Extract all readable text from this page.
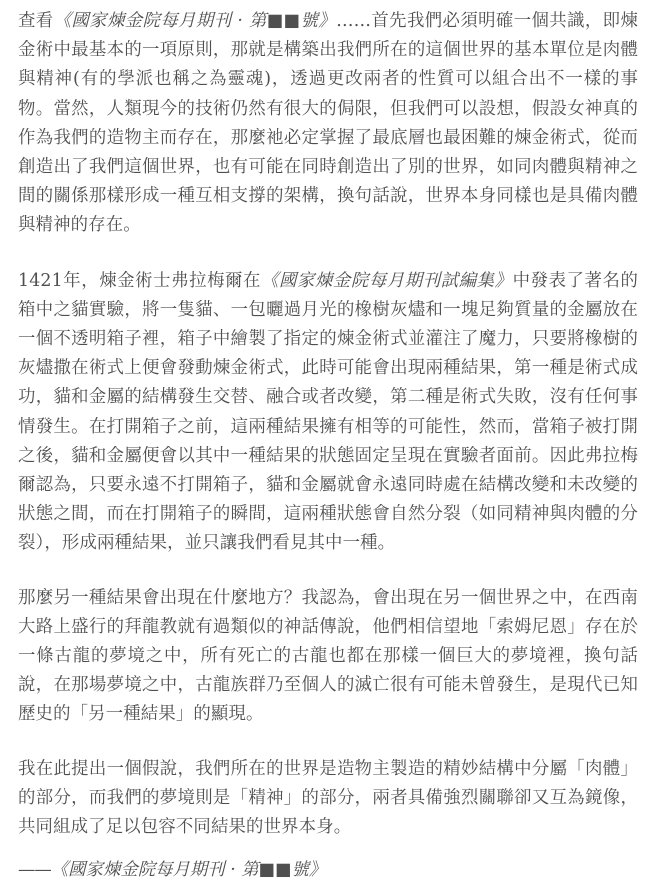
查看《國家煉金院每月期刊 · 第■■號》……首先我們必須明確一個共識，即煉金術中最基本的一項原則，那就是構築出我們所在的這個世界的基本單位是肉體與精神(有的學派也稱之為靈魂)，透過更改兩者的性質可以組合出不一樣的事物。當然，人類現今的技術仍然有很大的侷限，但我們可以設想，假設女神真的作為我們的造物主而存在，那麼祂必定掌握了最底層也最困難的煉金術式，從而創造出了我們這個世界，也有可能在同時創造出了別的世界，如同肉體與精神之間的關係那樣形成一種互相支撐的架構，換句話說，世界本身同樣也是具備肉體與精神的存在。

1421年，煉金術士弗拉梅爾在《國家煉金院每月期刊試編集》中發表了著名的箱中之貓實驗，將一隻貓、一包曬過月光的橡樹灰燼和一塊足夠質量的金屬放在一個不透明箱子裡，箱子中繪製了指定的煉金術式並灌注了魔力，只要將橡樹的灰燼撒在術式上便會發動煉金術式，此時可能會出現兩種結果，第一種是術式成功，貓和金屬的結構發生交替、融合或者改變，第二種是術式失敗，沒有任何事情發生。在打開箱子之前，這兩種結果擁有相等的可能性，然而，當箱子被打開之後，貓和金屬便會以其中一種結果的狀態固定呈現在實驗者面前。因此弗拉梅爾認為，只要永遠不打開箱子，貓和金屬就會永遠同時處在結構改變和未改變的狀態之間，而在打開箱子的瞬間，這兩種狀態會自然分裂（如同精神與肉體的分裂），形成兩種結果，並只讓我們看見其中一種。

那麼另一種結果會出現在什麼地方？我認為，會出現在另一個世界之中，在西南大路上盛行的拜龍教就有過類似的神話傳說，他們相信望地「索姆尼恩」存在於一條古龍的夢境之中，所有死亡的古龍也都在那樣一個巨大的夢境裡，換句話說，在那場夢境之中，古龍族群乃至個人的滅亡很有可能未曾發生，是現代已知歷史的「另一種結果」的顯現。

我在此提出一個假說，我們所在的世界是造物主製造的精妙結構中分屬「肉體」的部分，而我們的夢境則是「精神」的部分，兩者具備強烈關聯卻又互為鏡像，共同組成了足以包容不同結果的世界本身。

——《國家煉金院每月期刊 · 第■■號》
